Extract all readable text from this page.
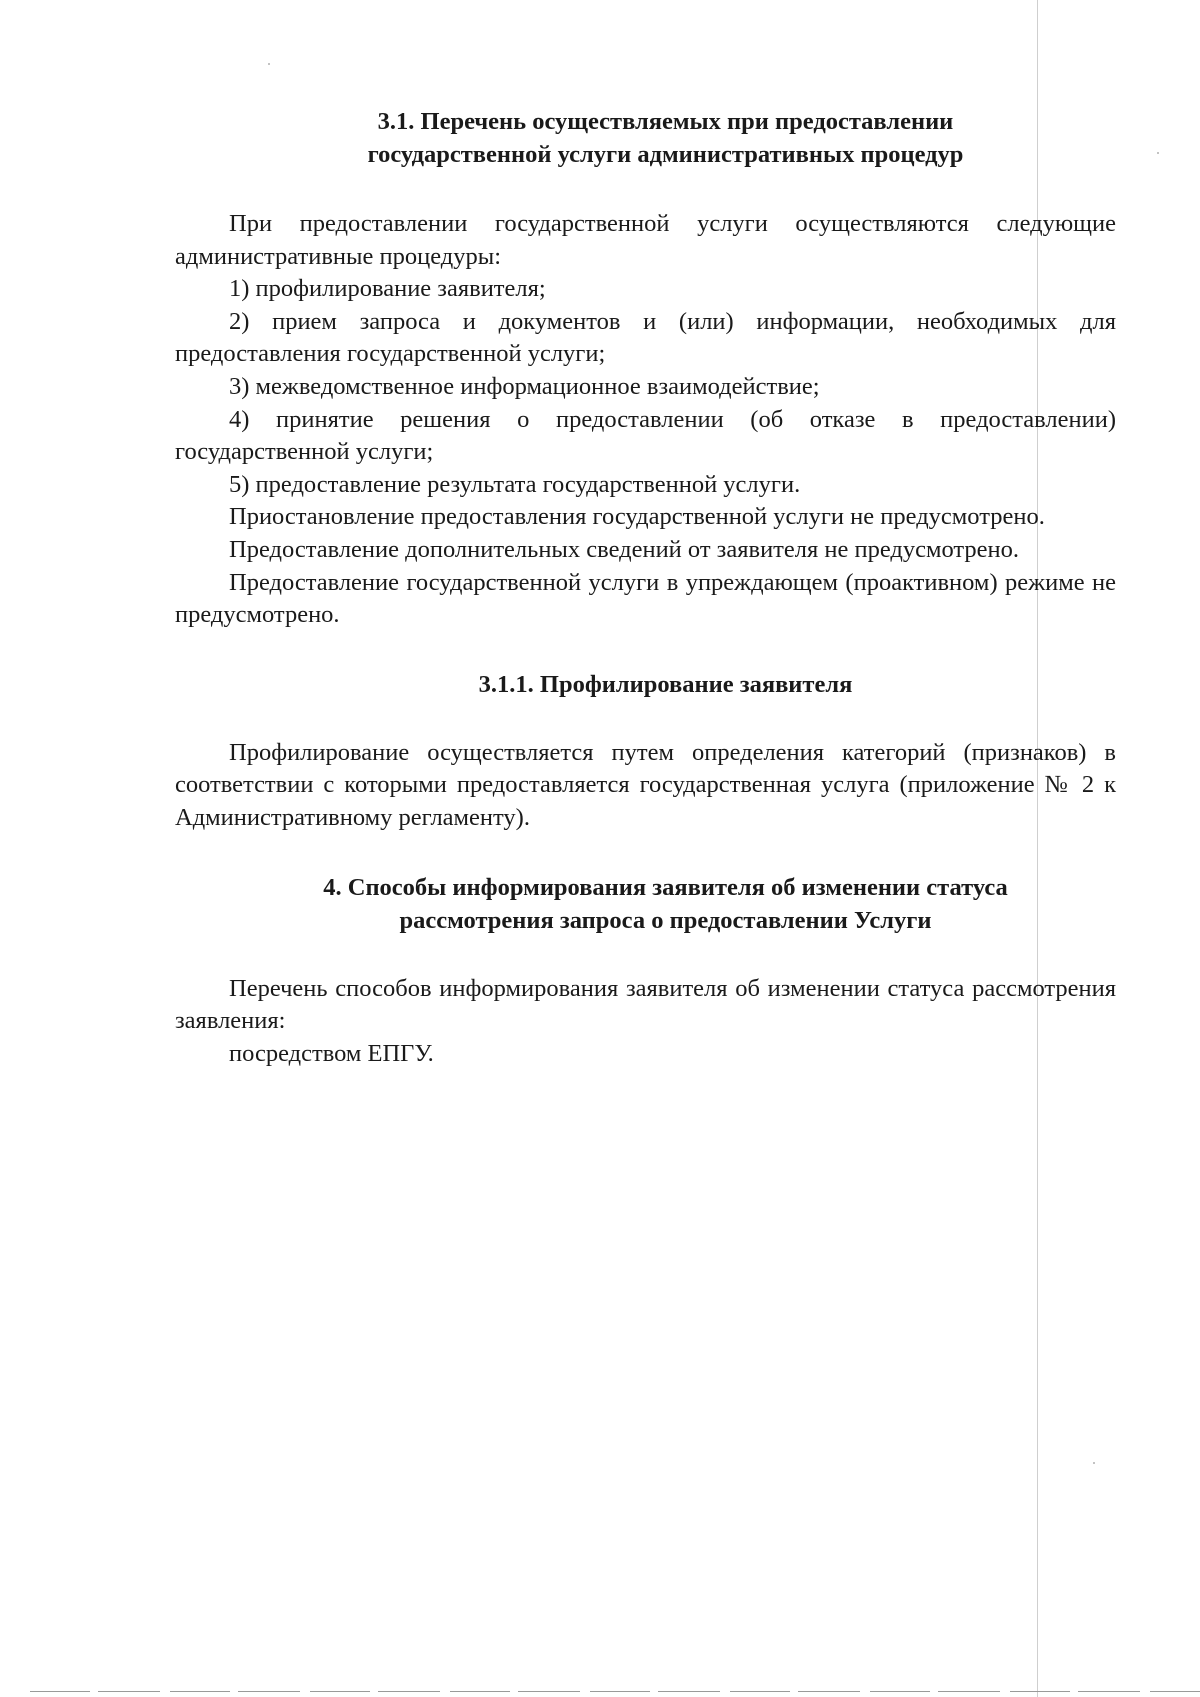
3.1. Перечень осуществляемых при предоставлении
государственной услуги административных процедур

При предоставлении государственной услуги осуществляются следующие административные процедуры:

1) профилирование заявителя;

2) прием запроса и документов и (или) информации, необходимых для предоставления государственной услуги;

3) межведомственное информационное взаимодействие;

4) принятие решения о предоставлении (об отказе в предоставлении) государственной услуги;

5) предоставление результата государственной услуги.

Приостановление предоставления государственной услуги не предусмотрено.

Предоставление дополнительных сведений от заявителя не предусмотрено.

Предоставление государственной услуги в упреждающем (проактивном) режиме не предусмотрено.

3.1.1. Профилирование заявителя

Профилирование осуществляется путем определения категорий (признаков) в соответствии с которыми предоставляется государственная услуга (приложение № 2 к Административному регламенту).

4. Способы информирования заявителя об изменении статуса
рассмотрения запроса о предоставлении Услуги

Перечень способов информирования заявителя об изменении статуса рассмотрения заявления:

посредством ЕПГУ.
